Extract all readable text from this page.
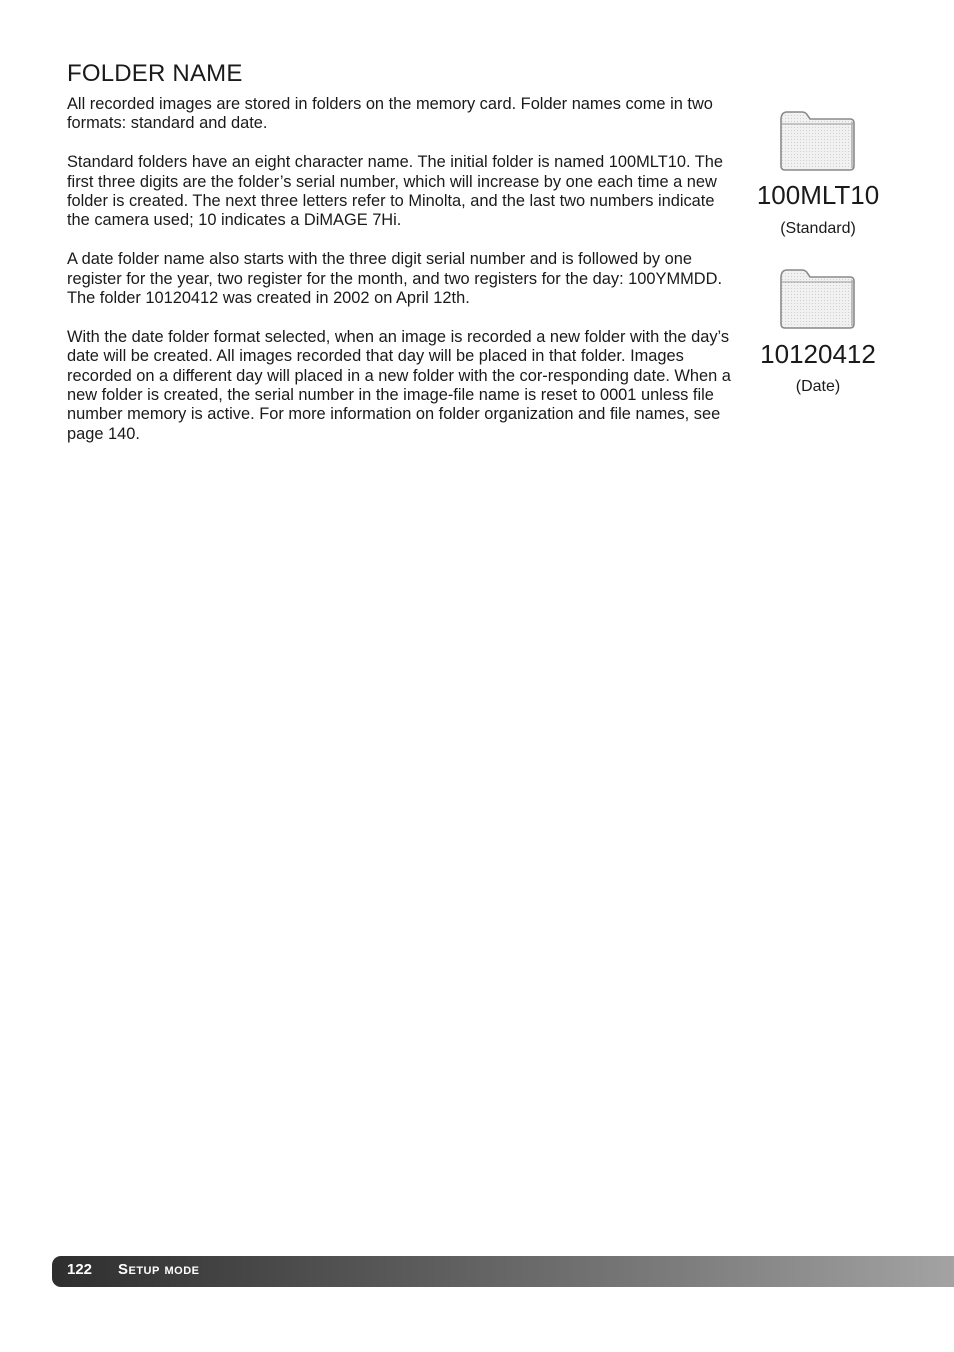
FOLDER NAME

All recorded images are stored in folders on the memory card. Folder names come in two formats: standard and date.

Standard folders have an eight character name. The initial folder is named 100MLT10. The first three digits are the folder’s serial number, which will increase by one each time a new folder is created. The next three letters refer to Minolta, and the last two numbers indicate the camera used; 10 indicates a DiMAGE 7Hi.

A date folder name also starts with the three digit serial number and is followed by one register for the year, two register for the month, and two registers for the day: 100YMMDD. The folder 10120412 was created in 2002 on April 12th.

With the date folder format selected, when an image is recorded a new folder with the day’s date will be created. All images recorded that day will be placed in that folder. Images recorded on a different day will placed in a new folder with the cor-responding date. When a new folder is created, the serial number in the image-file name is reset to 0001 unless file number memory is active. For more information on folder organization and file names, see page 140.

100MLT10
(Standard)
10120412
(Date)
122 Setup mode
